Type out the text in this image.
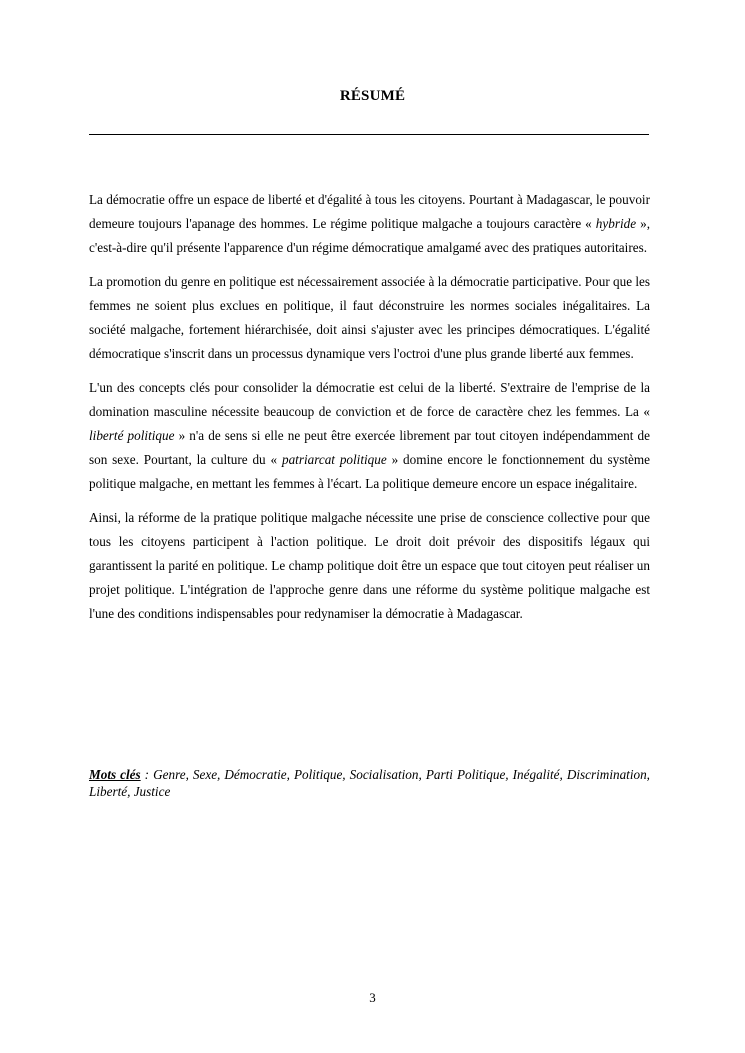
RÉSUMÉ

La démocratie offre un espace de liberté et d'égalité à tous les citoyens. Pourtant à Madagascar, le pouvoir demeure toujours l'apanage des hommes. Le régime politique malgache a toujours caractère « hybride », c'est-à-dire qu'il présente l'apparence d'un régime démocratique amalgamé avec des pratiques autoritaires.

La promotion du genre en politique est nécessairement associée à la démocratie participative. Pour que les femmes ne soient plus exclues en politique, il faut déconstruire les normes sociales inégalitaires. La société malgache, fortement hiérarchisée, doit ainsi s'ajuster avec les principes démocratiques. L'égalité démocratique s'inscrit dans un processus dynamique vers l'octroi d'une plus grande liberté aux femmes.

L'un des concepts clés pour consolider la démocratie est celui de la liberté. S'extraire de l'emprise de la domination masculine nécessite beaucoup de conviction et de force de caractère chez les femmes. La « liberté politique » n'a de sens si elle ne peut être exercée librement par tout citoyen indépendamment de son sexe. Pourtant, la culture du « patriarcat politique » domine encore le fonctionnement du système politique malgache, en mettant les femmes à l'écart. La politique demeure encore un espace inégalitaire.

Ainsi, la réforme de la pratique politique malgache nécessite une prise de conscience collective pour que tous les citoyens participent à l'action politique. Le droit doit prévoir des dispositifs légaux qui garantissent la parité en politique. Le champ politique doit être un espace que tout citoyen peut réaliser un projet politique. L'intégration de l'approche genre dans une réforme du système politique malgache est l'une des conditions indispensables pour redynamiser la démocratie à Madagascar.

Mots clés : Genre, Sexe, Démocratie, Politique, Socialisation, Parti Politique, Inégalité, Discrimination, Liberté, Justice
3
